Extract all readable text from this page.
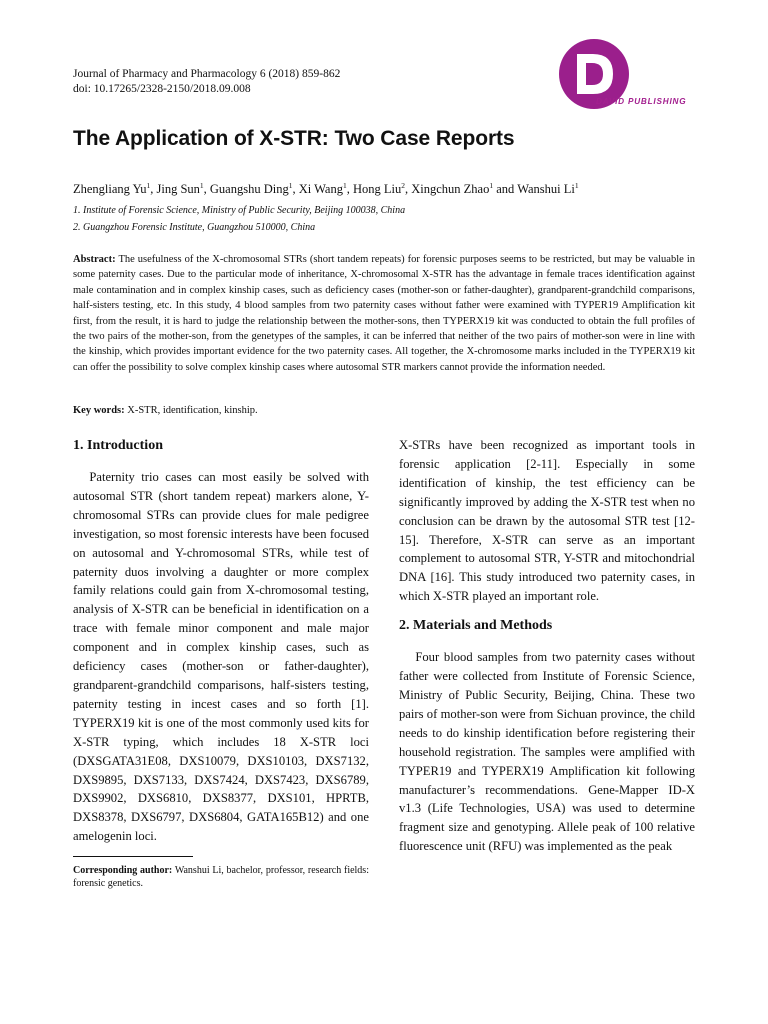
Journal of Pharmacy and Pharmacology 6 (2018) 859-862
doi: 10.17265/2328-2150/2018.09.008
DAVID PUBLISHING
The Application of X-STR: Two Case Reports
Zhengliang Yu$^1$, Jing Sun$^1$, Guangshu Ding$^1$, Xi Wang$^1$, Hong Liu$^2$, Xingchun Zhao$^1$ and Wanshui Li$^1$
1. Institute of Forensic Science, Ministry of Public Security, Beijing 100038, China
2. Guangzhou Forensic Institute, Guangzhou 510000, China

Abstract: The usefulness of the X-chromosomal STRs (short tandem repeats) for forensic purposes seems to be restricted, but may be valuable in some paternity cases. Due to the particular mode of inheritance, X-chromosomal X-STR has the advantage in female traces identification against male contamination and in complex kinship cases, such as deficiency cases (mother-son or father-daughter), grandparent-grandchild comparisons, half-sisters testing, etc. In this study, 4 blood samples from two paternity cases without father were examined with TYPER19 Amplification kit first, from the result, it is hard to judge the relationship between the mother-sons, then TYPERX19 kit was conducted to obtain the full profiles of the two pairs of the mother-son, from the genetypes of the samples, it can be inferred that neither of the two pairs of mother-son were in line with the kinship, which provides important evidence for the two paternity cases. All together, the X-chromosome marks included in the TYPERX19 kit can offer the possibility to solve complex kinship cases where autosomal STR markers cannot provide the information needed.

Key words: X-STR, identification, kinship.

1. Introduction

Paternity trio cases can most easily be solved with autosomal STR (short tandem repeat) markers alone, Y-chromosomal STRs can provide clues for male pedigree investigation, so most forensic interests have been focused on autosomal and Y-chromosomal STRs, while test of paternity duos involving a daughter or more complex family relations could gain from X-chromosomal testing, analysis of X-STR can be beneficial in identification on a trace with female minor component and male major component and in complex kinship cases, such as deficiency cases (mother-son or father-daughter), grandparent-grandchild comparisons, half-sisters testing, paternity testing in incest cases and so forth [1]. TYPERX19 kit is one of the most commonly used kits for X-STR typing, which includes 18 X-STR loci (DXSGATA31E08, DXS10079, DXS10103, DXS7132, DXS9895, DXS7133, DXS7424, DXS7423, DXS6789, DXS9902, DXS6810, DXS8377, DXS101, HPRTB, DXS8378, DXS6797, DXS6804, GATA165B12) and one amelogenin loci.

X-STRs have been recognized as important tools in forensic application [2-11]. Especially in some identification of kinship, the test efficiency can be significantly improved by adding the X-STR test when no conclusion can be drawn by the autosomal STR test [12-15]. Therefore, X-STR can serve as an important complement to autosomal STR, Y-STR and mitochondrial DNA [16]. This study introduced two paternity cases, in which X-STR played an important role.

2. Materials and Methods

Four blood samples from two paternity cases without father were collected from Institute of Forensic Science, Ministry of Public Security, Beijing, China. These two pairs of mother-son were from Sichuan province, the child needs to do kinship identification before registering their household registration. The samples were amplified with TYPER19 and TYPERX19 Amplification kit following manufacturer’s recommendations. Gene-Mapper ID-X v1.3 (Life Technologies, USA) was used to determine fragment size and genotyping. Allele peak of 100 relative fluorescence unit (RFU) was implemented as the peak

Corresponding author: Wanshui Li, bachelor, professor, research fields: forensic genetics.
